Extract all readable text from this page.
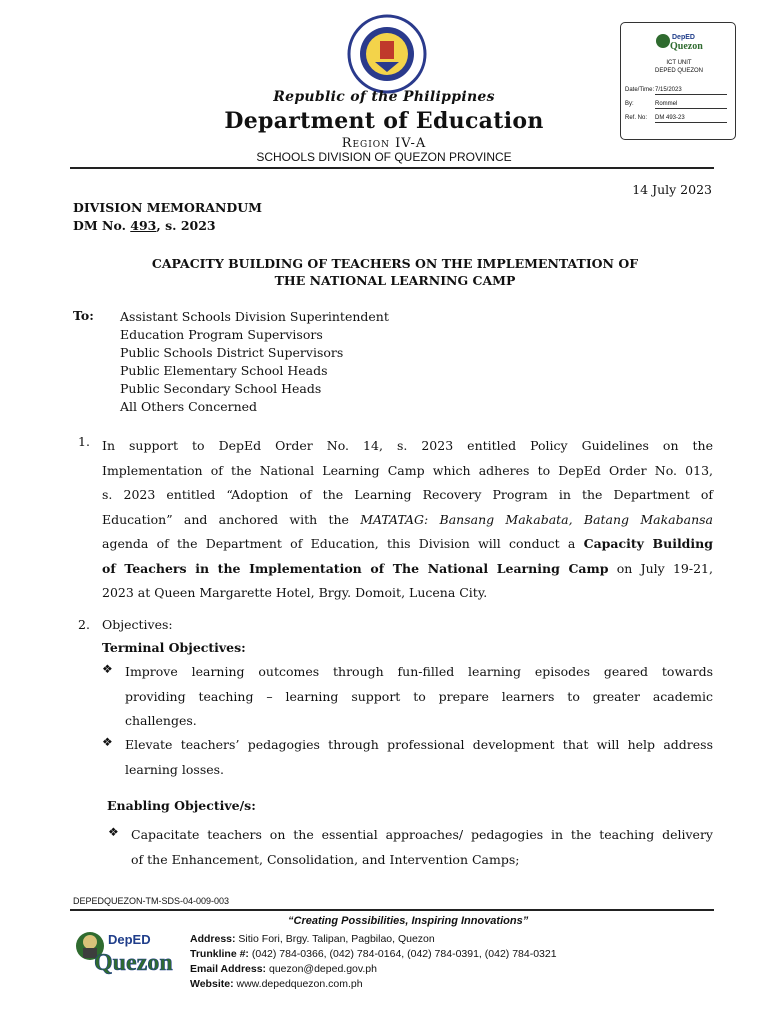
Republic of the Philippines
Department of Education
Region IV-A
SCHOOLS DIVISION OF QUEZON PROVINCE
DepED
Quezon
ICT UNIT
DEPED QUEZON
Date/Time:7/15/2023
By:	Rommel
Ref. No: DM 493-23
14 July 2023
DIVISION MEMORANDUM
DM No. 493, s. 2023
CAPACITY BUILDING OF TEACHERS ON THE IMPLEMENTATION OF
THE NATIONAL LEARNING CAMP
To: Assistant Schools Division Superintendent
Education Program Supervisors
Public Schools District Supervisors
Public Elementary School Heads
Public Secondary School Heads
All Others Concerned
1. In support to DepEd Order No. 14, s. 2023 entitled Policy Guidelines on the
Implementation of the National Learning Camp which adheres to DepEd Order No. 013,
s. 2023 entitled “Adoption of the Learning Recovery Program in the Department of
Education” and anchored with the MATATAG: Bansang Makabata, Batang Makabansa
agenda of the Department of Education, this Division will conduct a Capacity Building
of Teachers in the Implementation of The National Learning Camp on July 19-21,
2023 at Queen Margarette Hotel, Brgy. Domoit, Lucena City.
2. Objectives:
Terminal Objectives:
❖ Improve learning outcomes through fun-filled learning episodes geared towards
providing teaching – learning support to prepare learners to greater academic
challenges.
❖ Elevate teachers’ pedagogies through professional development that will help address
learning losses.
Enabling Objective/s:
❖ Capacitate teachers on the essential approaches/ pedagogies in the teaching delivery
of the Enhancement, Consolidation, and Intervention Camps;
DEPEDQUEZON-TM-SDS-04-009-003
“Creating Possibilities, Inspiring Innovations”
DepED
Quezon
Address: Sitio Fori, Brgy. Talipan, Pagbilao, Quezon
Trunkline #: (042) 784-0366, (042) 784-0164, (042) 784-0391, (042) 784-0321
Email Address: quezon@deped.gov.ph
Website: www.depedquezon.com.ph
